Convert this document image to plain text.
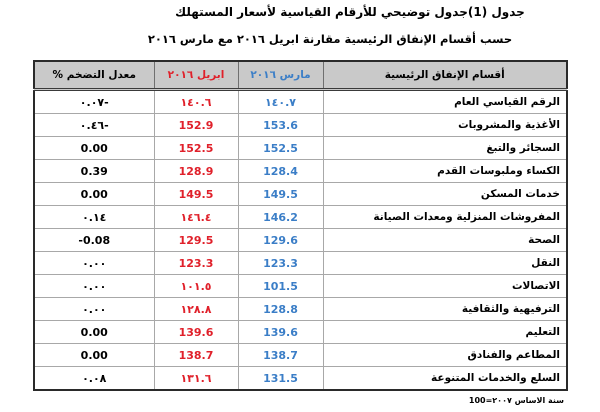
جدول (1)جدول توضيحي للأرقام القياسية لأسعار المستهلك
حسب أقسام الإنفاق الرئيسية مقارنة ابريل ٢٠١٦ مع مارس ٢٠١٦
أقسام الإنفاق الرئيسية	مارس ٢٠١٦	ابريل ٢٠١٦	معدل التضخم %
الرقم القياسي العام	١٤٠.٧	١٤٠.٦	٠.٠٧-
الأغذية والمشروبات	153.6	152.9	٠.٤٦-
السجائر والتبغ	152.5	152.5	0.00
الكساء وملبوسات القدم	128.4	128.9	0.39
خدمات المسكن	149.5	149.5	0.00
المفروشات المنزلية ومعدات الصيانة	146.2	١٤٦.٤	٠.١٤
الصحة	129.6	129.5	-0.08
النقل	123.3	123.3	٠.٠٠
الاتصالات	101.5	١٠١.٥	٠.٠٠
الترفيهية والثقافية	128.8	١٢٨.٨	٠.٠٠
التعليم	139.6	139.6	0.00
المطاعم والفنادق	138.7	138.7	0.00
السلع والخدمات المتنوعة	131.5	١٣١.٦	٠.٠٨
سنة الاساس ٢٠٠٧=100
